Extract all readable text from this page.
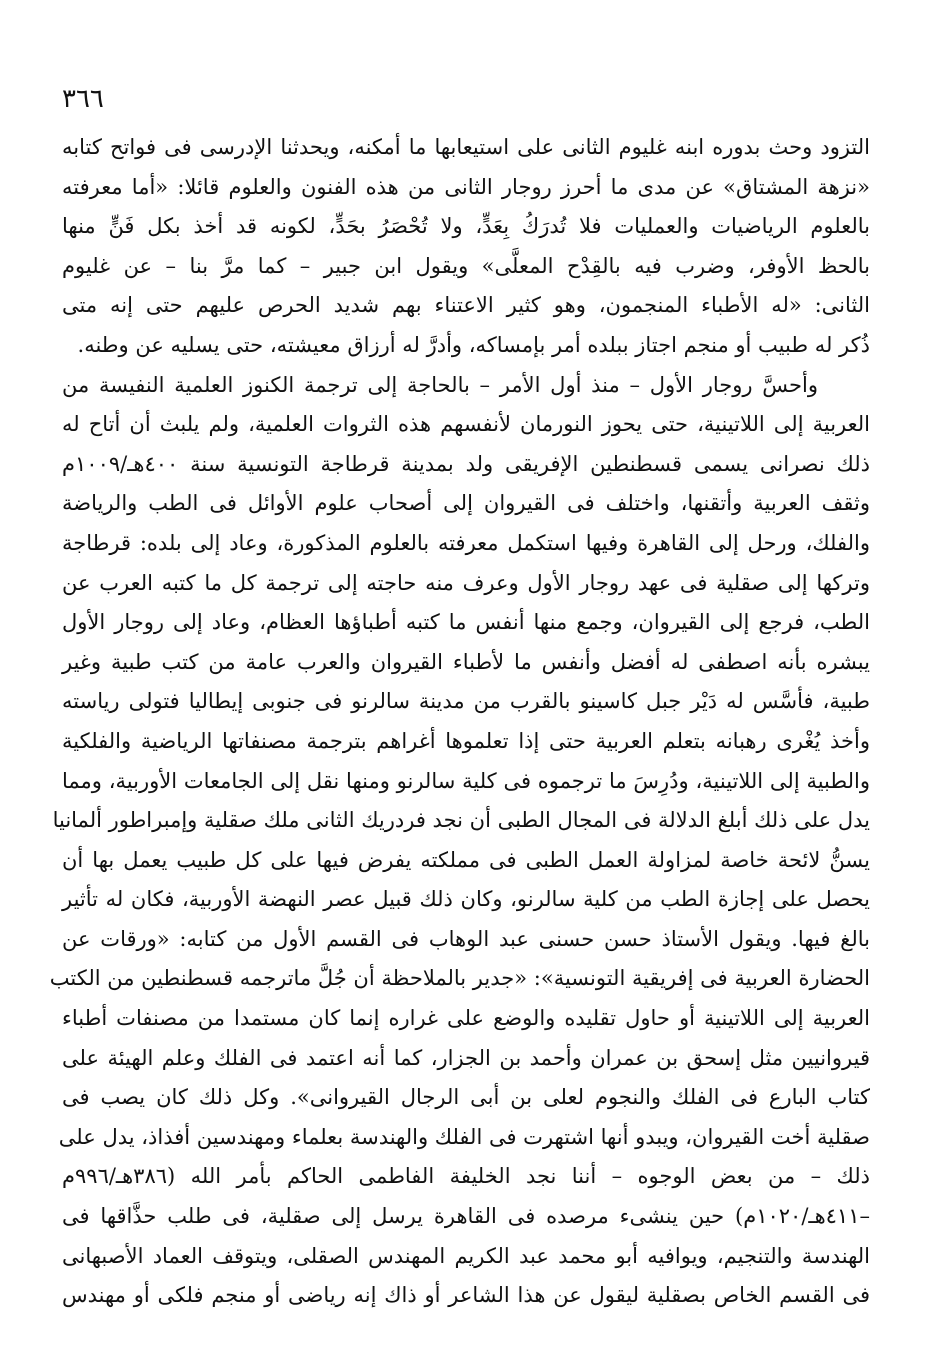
٣٦٦
التزود وحث بدوره ابنه غليوم الثانى على استيعابها ما أمكنه، ويحدثنا الإدرسى فى فواتح كتابه
«نزهة المشتاق» عن مدى ما أحرز روجار الثانى من هذه الفنون والعلوم قائلا: «أما معرفته
بالعلوم الرياضيات والعمليات فلا تُدرَكُ بِعَدٍّ، ولا تُحْصَرُ بحَدٍّ، لكونه قد أخذ بكل فَنٍّ منها
بالحظ الأوفر، وضرب فيه بالقِدْح المعلَّى» ويقول ابن جبير – كما مرَّ بنا – عن غليوم
الثانى: «له الأطباء المنجمون، وهو كثير الاعتناء بهم شديد الحرص عليهم حتى إنه متى
ذُكر له طبيب أو منجم اجتاز ببلده أمر بإمساكه، وأدرَّ له أرزاق معيشته، حتى يسليه عن وطنه.
وأحسَّ روجار الأول – منذ أول الأمر – بالحاجة إلى ترجمة الكنوز العلمية النفيسة من
العربية إلى اللاتينية، حتى يحوز النورمان لأنفسهم هذه الثروات العلمية، ولم يلبث أن أتاح له
ذلك نصرانى يسمى قسطنطين الإفريقى ولد بمدينة قرطاجة التونسية سنة ٤٠٠هـ/١٠٠٩م
وثقف العربية وأتقنها، واختلف فى القيروان إلى أصحاب علوم الأوائل فى الطب والرياضة
والفلك، ورحل إلى القاهرة وفيها استكمل معرفته بالعلوم المذكورة، وعاد إلى بلده: قرطاجة
وتركها إلى صقلية فى عهد روجار الأول وعرف منه حاجته إلى ترجمة كل ما كتبه العرب عن
الطب، فرجع إلى القيروان، وجمع منها أنفس ما كتبه أطباؤها العظام، وعاد إلى روجار الأول
يبشره بأنه اصطفى له أفضل وأنفس ما لأطباء القيروان والعرب عامة من كتب طبية وغير
طبية، فأسَّس له دَيْر جبل كاسينو بالقرب من مدينة سالرنو فى جنوبى إيطاليا فتولى رياسته
وأخذ يُغْرى رهبانه بتعلم العربية حتى إذا تعلموها أغراهم بترجمة مصنفاتها الرياضية والفلكية
والطبية إلى اللاتينية، ودُرِسَ ما ترجموه فى كلية سالرنو ومنها نقل إلى الجامعات الأوربية، ومما
يدل على ذلك أبلغ الدلالة فى المجال الطبى أن نجد فردريك الثانى ملك صقلية وإمبراطور ألمانيا
يسنُّ لائحة خاصة لمزاولة العمل الطبى فى مملكته يفرض فيها على كل طبيب يعمل بها أن
يحصل على إجازة الطب من كلية سالرنو، وكان ذلك قبيل عصر النهضة الأوربية، فكان له تأثير
بالغ فيها. ويقول الأستاذ حسن حسنى عبد الوهاب فى القسم الأول من كتابه: «ورقات عن
الحضارة العربية فى إفريقية التونسية»: «جدير بالملاحظة أن جُلَّ ماترجمه قسطنطين من الكتب
العربية إلى اللاتينية أو حاول تقليده والوضع على غراره إنما كان مستمدا من مصنفات أطباء
قيروانيين مثل إسحق بن عمران وأحمد بن الجزار، كما أنه اعتمد فى الفلك وعلم الهيئة على
كتاب البارع فى الفلك والنجوم لعلى بن أبى الرجال القيروانى». وكل ذلك كان يصب فى
صقلية أخت القيروان، ويبدو أنها اشتهرت فى الفلك والهندسة بعلماء ومهندسين أفذاذ، يدل على
ذلك – من بعض الوجوه – أننا نجد الخليفة الفاطمى الحاكم بأمر الله (٣٨٦هـ/٩٩٦م
–٤١١هـ/١٠٢٠م) حين ينشىء مرصده فى القاهرة يرسل إلى صقلية، فى طلب حذَّاقها فى
الهندسة والتنجيم، ويوافيه أبو محمد عبد الكريم المهندس الصقلى، ويتوقف العماد الأصبهانى
فى القسم الخاص بصقلية ليقول عن هذا الشاعر أو ذاك إنه رياضى أو منجم فلكى أو مهندس
